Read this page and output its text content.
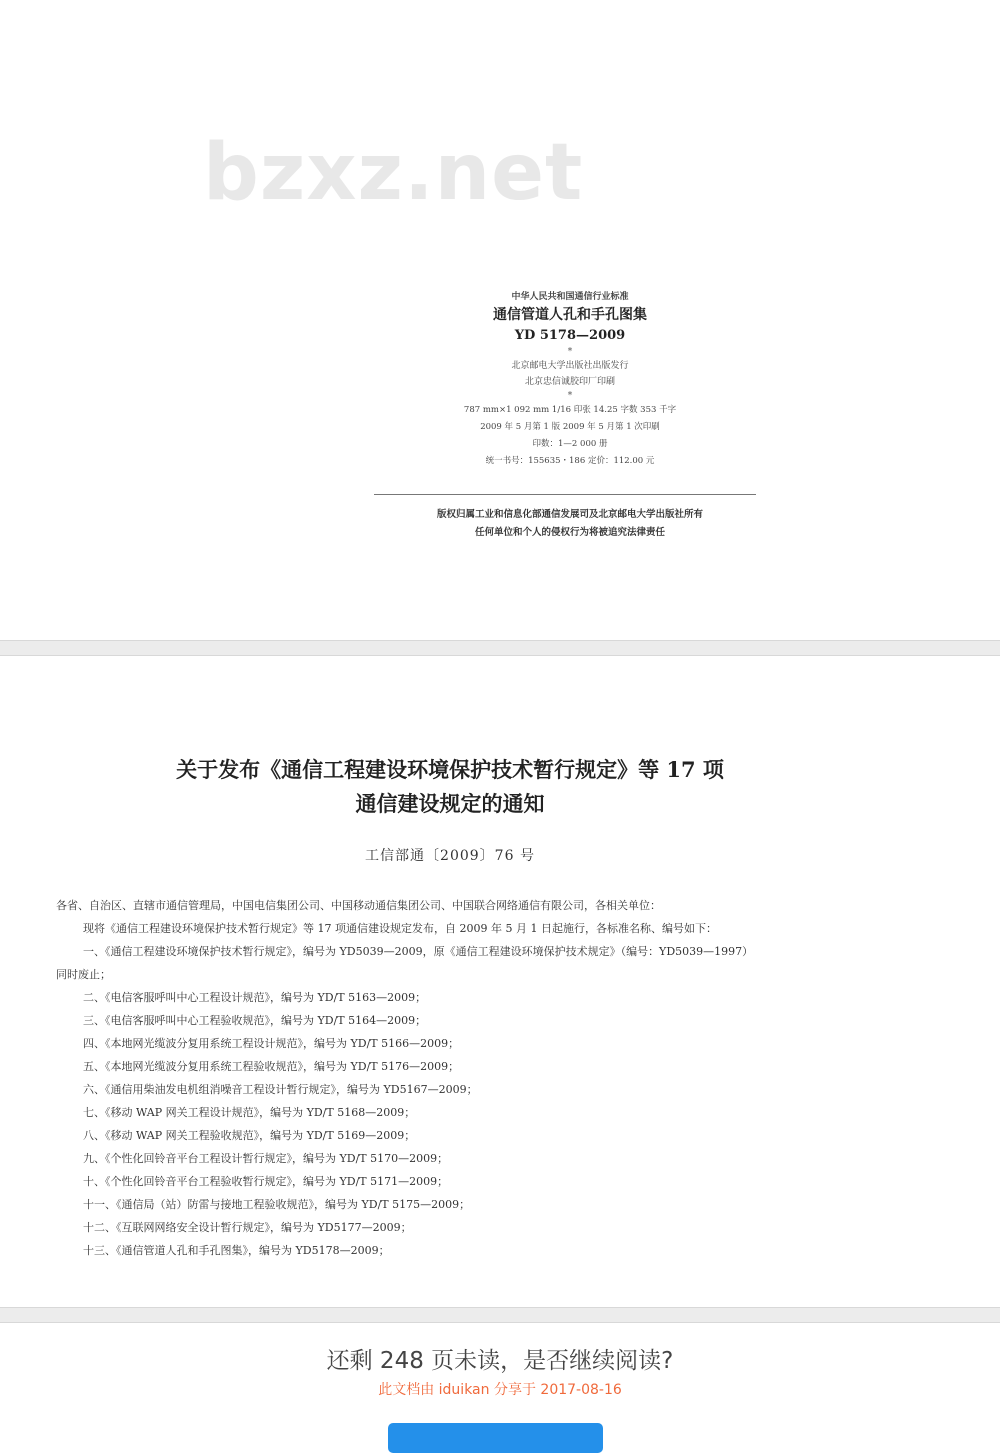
bzxz.net
中华人民共和国通信行业标准
通信管道人孔和手孔图集
YD 5178—2009
*
北京邮电大学出版社出版发行
北京忠信诚胶印厂印刷
*
787 mm×1 092 mm 1/16 印张 14.25 字数 353 千字
2009 年 5 月第 1 版 2009 年 5 月第 1 次印刷
印数：1—2 000 册
统一书号：155635・186 定价：112.00 元
版权归属工业和信息化部通信发展司及北京邮电大学出版社所有
任何单位和个人的侵权行为将被追究法律责任
关于发布《通信工程建设环境保护技术暂行规定》等 17 项
通信建设规定的通知
工信部通〔2009〕76 号
各省、自治区、直辖市通信管理局，中国电信集团公司、中国移动通信集团公司、中国联合网络通信有限公司，各相关单位：
现将《通信工程建设环境保护技术暂行规定》等 17 项通信建设规定发布，自 2009 年 5 月 1 日起施行，各标准名称、编号如下：
一、《通信工程建设环境保护技术暂行规定》，编号为 YD5039—2009，原《通信工程建设环境保护技术规定》（编号：YD5039—1997）
同时废止；
二、《电信客服呼叫中心工程设计规范》，编号为 YD/T 5163—2009；
三、《电信客服呼叫中心工程验收规范》，编号为 YD/T 5164—2009；
四、《本地网光缆波分复用系统工程设计规范》，编号为 YD/T 5166—2009；
五、《本地网光缆波分复用系统工程验收规范》，编号为 YD/T 5176—2009；
六、《通信用柴油发电机组消噪音工程设计暂行规定》，编号为 YD5167—2009；
七、《移动 WAP 网关工程设计规范》，编号为 YD/T 5168—2009；
八、《移动 WAP 网关工程验收规范》，编号为 YD/T 5169—2009；
九、《个性化回铃音平台工程设计暂行规定》，编号为 YD/T 5170—2009；
十、《个性化回铃音平台工程验收暂行规定》，编号为 YD/T 5171—2009；
十一、《通信局（站）防雷与接地工程验收规范》，编号为 YD/T 5175—2009；
十二、《互联网网络安全设计暂行规定》，编号为 YD5177—2009；
十三、《通信管道人孔和手孔图集》，编号为 YD5178—2009；
还剩 248 页未读，是否继续阅读?
此文档由 iduikan 分享于 2017-08-16
